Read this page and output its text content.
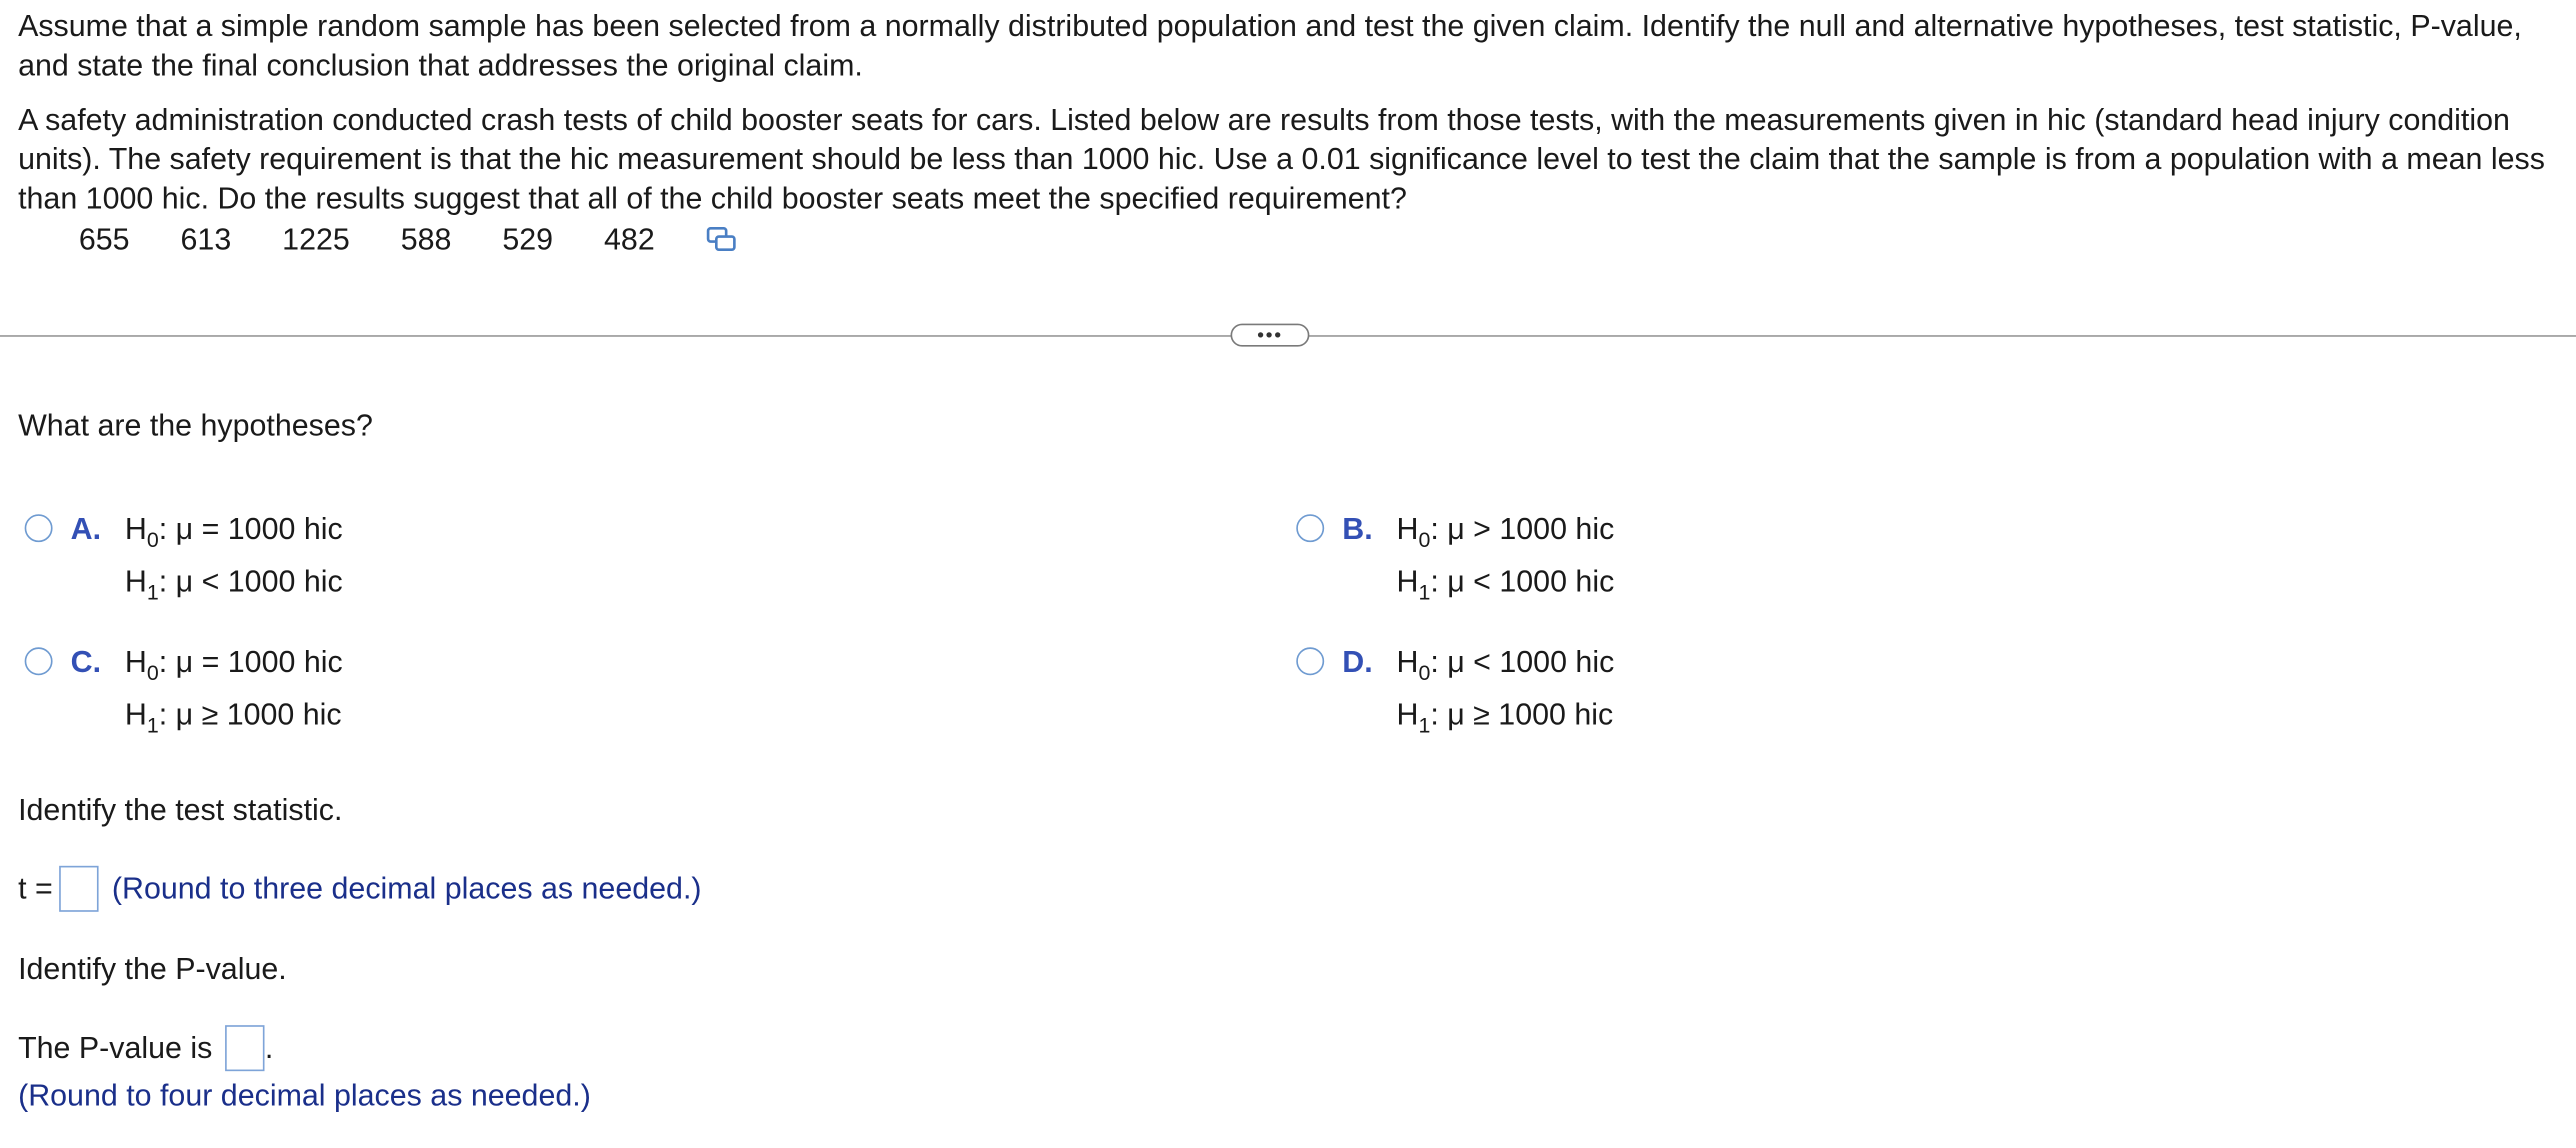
Assume that a simple random sample has been selected from a normally distributed population and test the given claim. Identify the null and alternative hypotheses, test statistic, P-value, and state the final conclusion that addresses the original claim.

A safety administration conducted crash tests of child booster seats for cars. Listed below are results from those tests, with the measurements given in hic (standard head injury condition units). The safety requirement is that the hic measurement should be less than 1000 hic. Use a 0.01 significance level to test the claim that the sample is from a population with a mean less than 1000 hic. Do the results suggest that all of the child booster seats meet the specified requirement?

655	613	1225	588	529	482
•••

What are the hypotheses?

A.	$H_0$: μ = 1000 hic
$H_1$: μ < 1000 hic
B.	$H_0$: μ > 1000 hic
$H_1$: μ < 1000 hic
C.	$H_0$: μ = 1000 hic
$H_1$: μ ≥ 1000 hic
D.	$H_0$: μ < 1000 hic
$H_1$: μ ≥ 1000 hic

Identify the test statistic.

t =	(Round to three decimal places as needed.)

Identify the P-value.

The P-value is	.

(Round to four decimal places as needed.)
